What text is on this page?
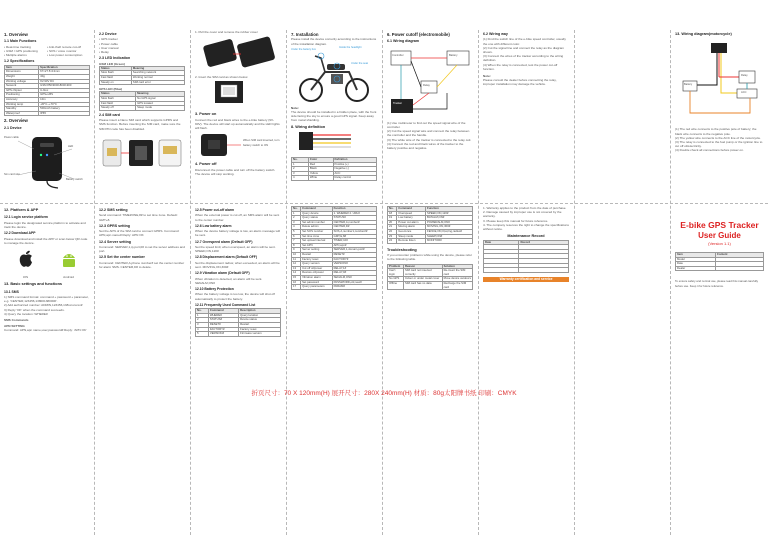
1. Overview
1.1 Main Functions
• Real-time tracking	• Anti-theft remote cut-off
• GSM / GPS positioning	• SOS / voice monitor
• Multiple alarms	• Low power consumption
1.2 Specifications
Item	Specification
Dimensions	67×27.5×13mm
Weight	40g
Working voltage	9V-90V DC
Network	GSM 850/900/1800/1900
GPS chipset	U-blox
Positioning	GPS+LBS
Accuracy	10m
Working temp	-20°C~+70°C
Standby	500mAh battery
Waterproof	IP65
2. Overview
2.1 Device
Power cable
LED
Sim card slot
Battery switch
2.2 Device
• GPS tracker
• Power cable
• User manual
• Relay
2.3 LED Indication
GSM LED (Green)
Status	Meaning
Slow flash	Searching network
Fast flash	Working normal
Steady on	SIM card error
GPS LED (Blue)
Status	Meaning
Slow flash	No GPS signal
Fast flash	GPS located
Steady off	Sleep mode
2.4 SIM card
Please insert a Nano SIM card which supports GPRS and SMS function. Before inserting the SIM card, make sure the SIM PIN code has been disabled.
1. Pull the cover and remove the rubber cover
2. Insert the SIM card as shown below
3. Power on
Connect the red and black wires to the e-bike battery (9V-90V). The device will start up automatically and the LED lights will flash.
When SIM card inserted, turn battery switch to ON
4. Power off
Disconnect the power cable and turn off the battery switch. The device will stop working.
7. Installation
Please install the device correctly according to the instructions of the installation diagram.
Inside the headlight
Under the seat
Under the battery box
Note:
The device should be installed in a hidden place, with the front side facing the sky to ensure a good GPS signal. Keep away from metal shielding.
8. Wiring definition
No.	Color	Definition
1	Red	Positive (+)
2	Black	Negative (-)
3	Yellow	ACC
4	White	Relay control
6. Power cutoff (electromobile)
6.1 Wiring diagram
Controller	Battery
Relay
Tracker
(1) Use multimeter to find out the speed signal wire of the controller.
(2) Cut the speed signal wire and connect the relay between the controller and the handle.
(3) The white wire of the tracker is connected to the relay coil.
(4) Connect the red and black wires of the tracker to the battery positive and negative.
6.2 Wiring way
(1) Find the switch line of the e-bike speed controller, usually the one with different color.
(2) Cut the signal line and connect the relay as the diagram shows.
(3) Connect the wires of the tracker according to the wiring definition.
(4) When the relay is connected, test the power cut-off function.
Note:
Please consult the dealer before connecting the relay, improper installation may damage the vehicle.
13. Wiring diagram(motorcycle)
Battery
Relay
ACC
(1) The red wire connects to the positive pole of battery; the black wire connects to the negative pole.
(2) The yellow wire connects to the ACC line of the motorcycle.
(3) The relay is connected to the fuel pump or the ignition line to cut off oil/electricity.
(4) Double check all connections before power on.
12. Platform & APP
12.1 Login service platform
Please login the designated service platform to activate and track the device.
12.2 Download APP
Please download and install the APP or scan below QR code to manage the device.
iOS	Android
13. Basic settings and functions
13.1 SMS
1) SMS command format: command + password + parameter, e.g. 'CENTER,123456,13800138000#'.
2) Add authorized number: ADMIN,123456,138xxxxxxxx#
3) Reply 'OK' when the command succeeds.
4) Query the location: WHERE#
SMS Commands
APN SETTING
Command: APN,apn name,user,password# Reply: 'APN OK'
12.2 SMS setting
Send command: TIMEZONE,8# to set time zone. Default: GMT+8.
12.3 GPRS setting
Set the APN of the SIM card to connect GPRS. Command: APN,apn name# Reply: APN OK
12.4 Server setting
Command: SERVER,1,ip,port,0# to set the server address and port.
12.5 Set the center number
Command: CENTER,A,phone number# set the center number for alarm SMS. CENTER,D# to delete.
12.5 Power cut-off alarm
When the external power is cut off, an SMS alarm will be sent to the center number.
12.6 Low battery alarm
When the device battery voltage is low, an alarm message will be sent.
12.7 Overspeed alarm (Default OFF)
Set the speed limit; when overspeed, an alarm will be sent. SPEED,ON,120#
12.8 Displacement alarm (Default OFF)
Set the displacement radius; when exceeded, an alarm will be sent. MOVING,ON,300#
12.9 Vibration alarm (Default OFF)
When vibration is detected, an alarm will be sent. SENALM,ON#
12.10 Battery Protection
When the battery voltage is too low, the device will shut off automatically to protect the battery.
12.11 Frequently Used Command List
No.	Command	Description
1	WHERE#	Query location
2	STATUS#	Device status
3	RESET#	Restart
4	FACTORY#	Factory reset
5	VERSION#	Firmware version
No.	Command	Function
1	Query device	1. WHERE# 2. URL#
2	Query status	STATUS#
3	Set admin number	CENTER,A,number#
4	Delete admin	CENTER,D#
5	Set SOS number	SOS,A,number1,number2#
6	Set time zone	GMT,E,8#
7	Set upload interval	TIMER,10#
8	Set APN	APN,apn#
9	Server setting	SERVER,1,domain,port#
10	Restart	RESET#
11	Factory reset	FACTORY#
12	Query version	VERSION#
13	Cut off oil/power	RELAY,1#
14	Restore oil/power	RELAY,0#
15	Vibration alarm	SENALM,ON#
16	Set password	PASSWORD,old,new#
17	Query parameters	PARAM#
No.	Command	Function
18	Overspeed	SPEED,ON,120#
19	Low battery	BATALM,ON#
20	Power cut alarm	POWERALM,ON#
21	Moving alarm	MOVING,ON,300#
22	Geo-fence	FENCE,ON,0,lat,lng,radius#
23	Sleep mode	SLEEP,ON#
24	Remote listen	MONITOR#
Troubleshooting
If you encounter problems while using the device, please refer to the following table.
Problem	Reason	Solution
Can't login	SIM card not inserted correctly	Re-insert the SIM card
No GPS	Indoor or under metal cover	Move device outdoors
Offline	SIM card has no data	Recharge the SIM card
1. Warranty applies to the product from the date of purchase.
2. Damage caused by improper use is not covered by the warranty.
3. Please keep this manual for future reference.
4. The company reserves the right to change the specifications without notice.
Maintenance Record
Date	Record

Warranty certification and service
E-bike GPS Tracker
User Guide
(Version 1.1)
Item	Content
Model	
Date	
Dealer	
To ensure safety and normal use, please read this manual carefully before use. Keep it for future reference.
折页尺寸：70 X 120mm(H) 展开尺寸：280X 240mm(H) 材质：80g太阳牌书纸 印刷：CMYK
